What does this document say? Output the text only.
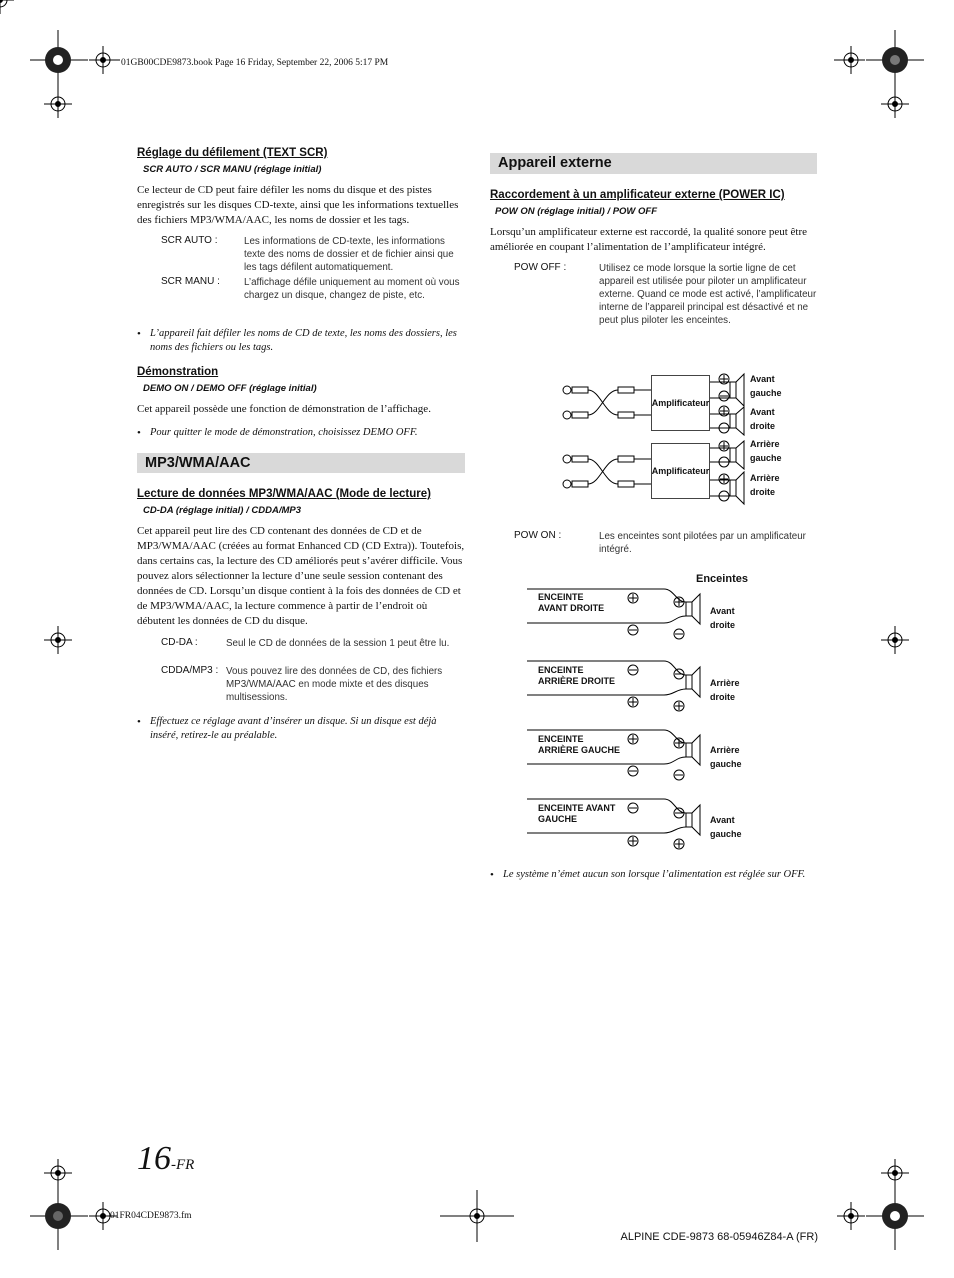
01GB00CDE9873.book Page 16 Friday, September 22, 2006 5:17 PM
Réglage du défilement (TEXT SCR)
SCR AUTO / SCR MANU (réglage initial)
Ce lecteur de CD peut faire défiler les noms du disque et des pistes enregistrés sur les disques CD-texte, ainsi que les informations textuelles des fichiers MP3/WMA/AAC, les noms de dossier et les tags.
SCR AUTO :	Les informations de CD-texte, les informations texte des noms de dossier et de fichier ainsi que les tags défilent automatiquement.
SCR MANU : L’affichage défile uniquement au moment où vous chargez un disque, changez de piste, etc.
• L’appareil fait défiler les noms de CD de texte, les noms des dossiers, les noms des fichiers ou les tags.
Démonstration
DEMO ON / DEMO OFF (réglage initial)
Cet appareil possède une fonction de démonstration de l’affichage.
• Pour quitter le mode de démonstration, choisissez DEMO OFF.
MP3/WMA/AAC
Lecture de données MP3/WMA/AAC (Mode de lecture)
CD-DA (réglage initial) / CDDA/MP3
Cet appareil peut lire des CD contenant des données de CD et de MP3/WMA/AAC (créées au format Enhanced CD (CD Extra)). Toutefois, dans certains cas, la lecture des CD améliorés peut s’avérer difficile. Vous pouvez alors sélectionner la lecture d’une seule session contenant des données de CD. Lorsqu’un disque contient à la fois des données de CD et de MP3/WMA/AAC, la lecture commence à partir de l’endroit où débutent les données de CD du disque.
CD-DA :	Seul le CD de données de la session 1 peut être lu.
CDDA/MP3 : Vous pouvez lire des données de CD, des fichiers MP3/WMA/AAC en mode mixte et des disques multisessions.
• Effectuez ce réglage avant d’insérer un disque. Si un disque est déjà inséré, retirez-le au préalable.
Appareil externe
Raccordement à un amplificateur externe (POWER IC)
POW ON (réglage initial) / POW OFF
Lorsqu’un amplificateur externe est raccordé, la qualité sonore peut être améliorée en coupant l’alimentation de l’amplificateur intégré.
POW OFF :	Utilisez ce mode lorsque la sortie ligne de cet appareil est utilisée pour piloter un amplificateur externe. Quand ce mode est activé, l’amplificateur interne de l’appareil principal est désactivé et ne peut plus piloter les enceintes.
Amplificateur
Amplificateur
Avant
gauche
Avant
droite
Arrière
gauche
Arrière
droite
POW ON :	Les enceintes sont pilotées par un amplificateur intégré.
Enceintes
ENCEINTE
AVANT DROITE	Avant
droite
ENCEINTE
ARRIÈRE DROITE	Arrière
droite
ENCEINTE
ARRIÈRE GAUCHE	Arrière
gauche
ENCEINTE AVANT
GAUCHE	Avant
gauche
• Le système n’émet aucun son lorsque l’alimentation est réglée sur OFF.
16-FR
01FR04CDE9873.fm
ALPINE CDE-9873 68-05946Z84-A (FR)
